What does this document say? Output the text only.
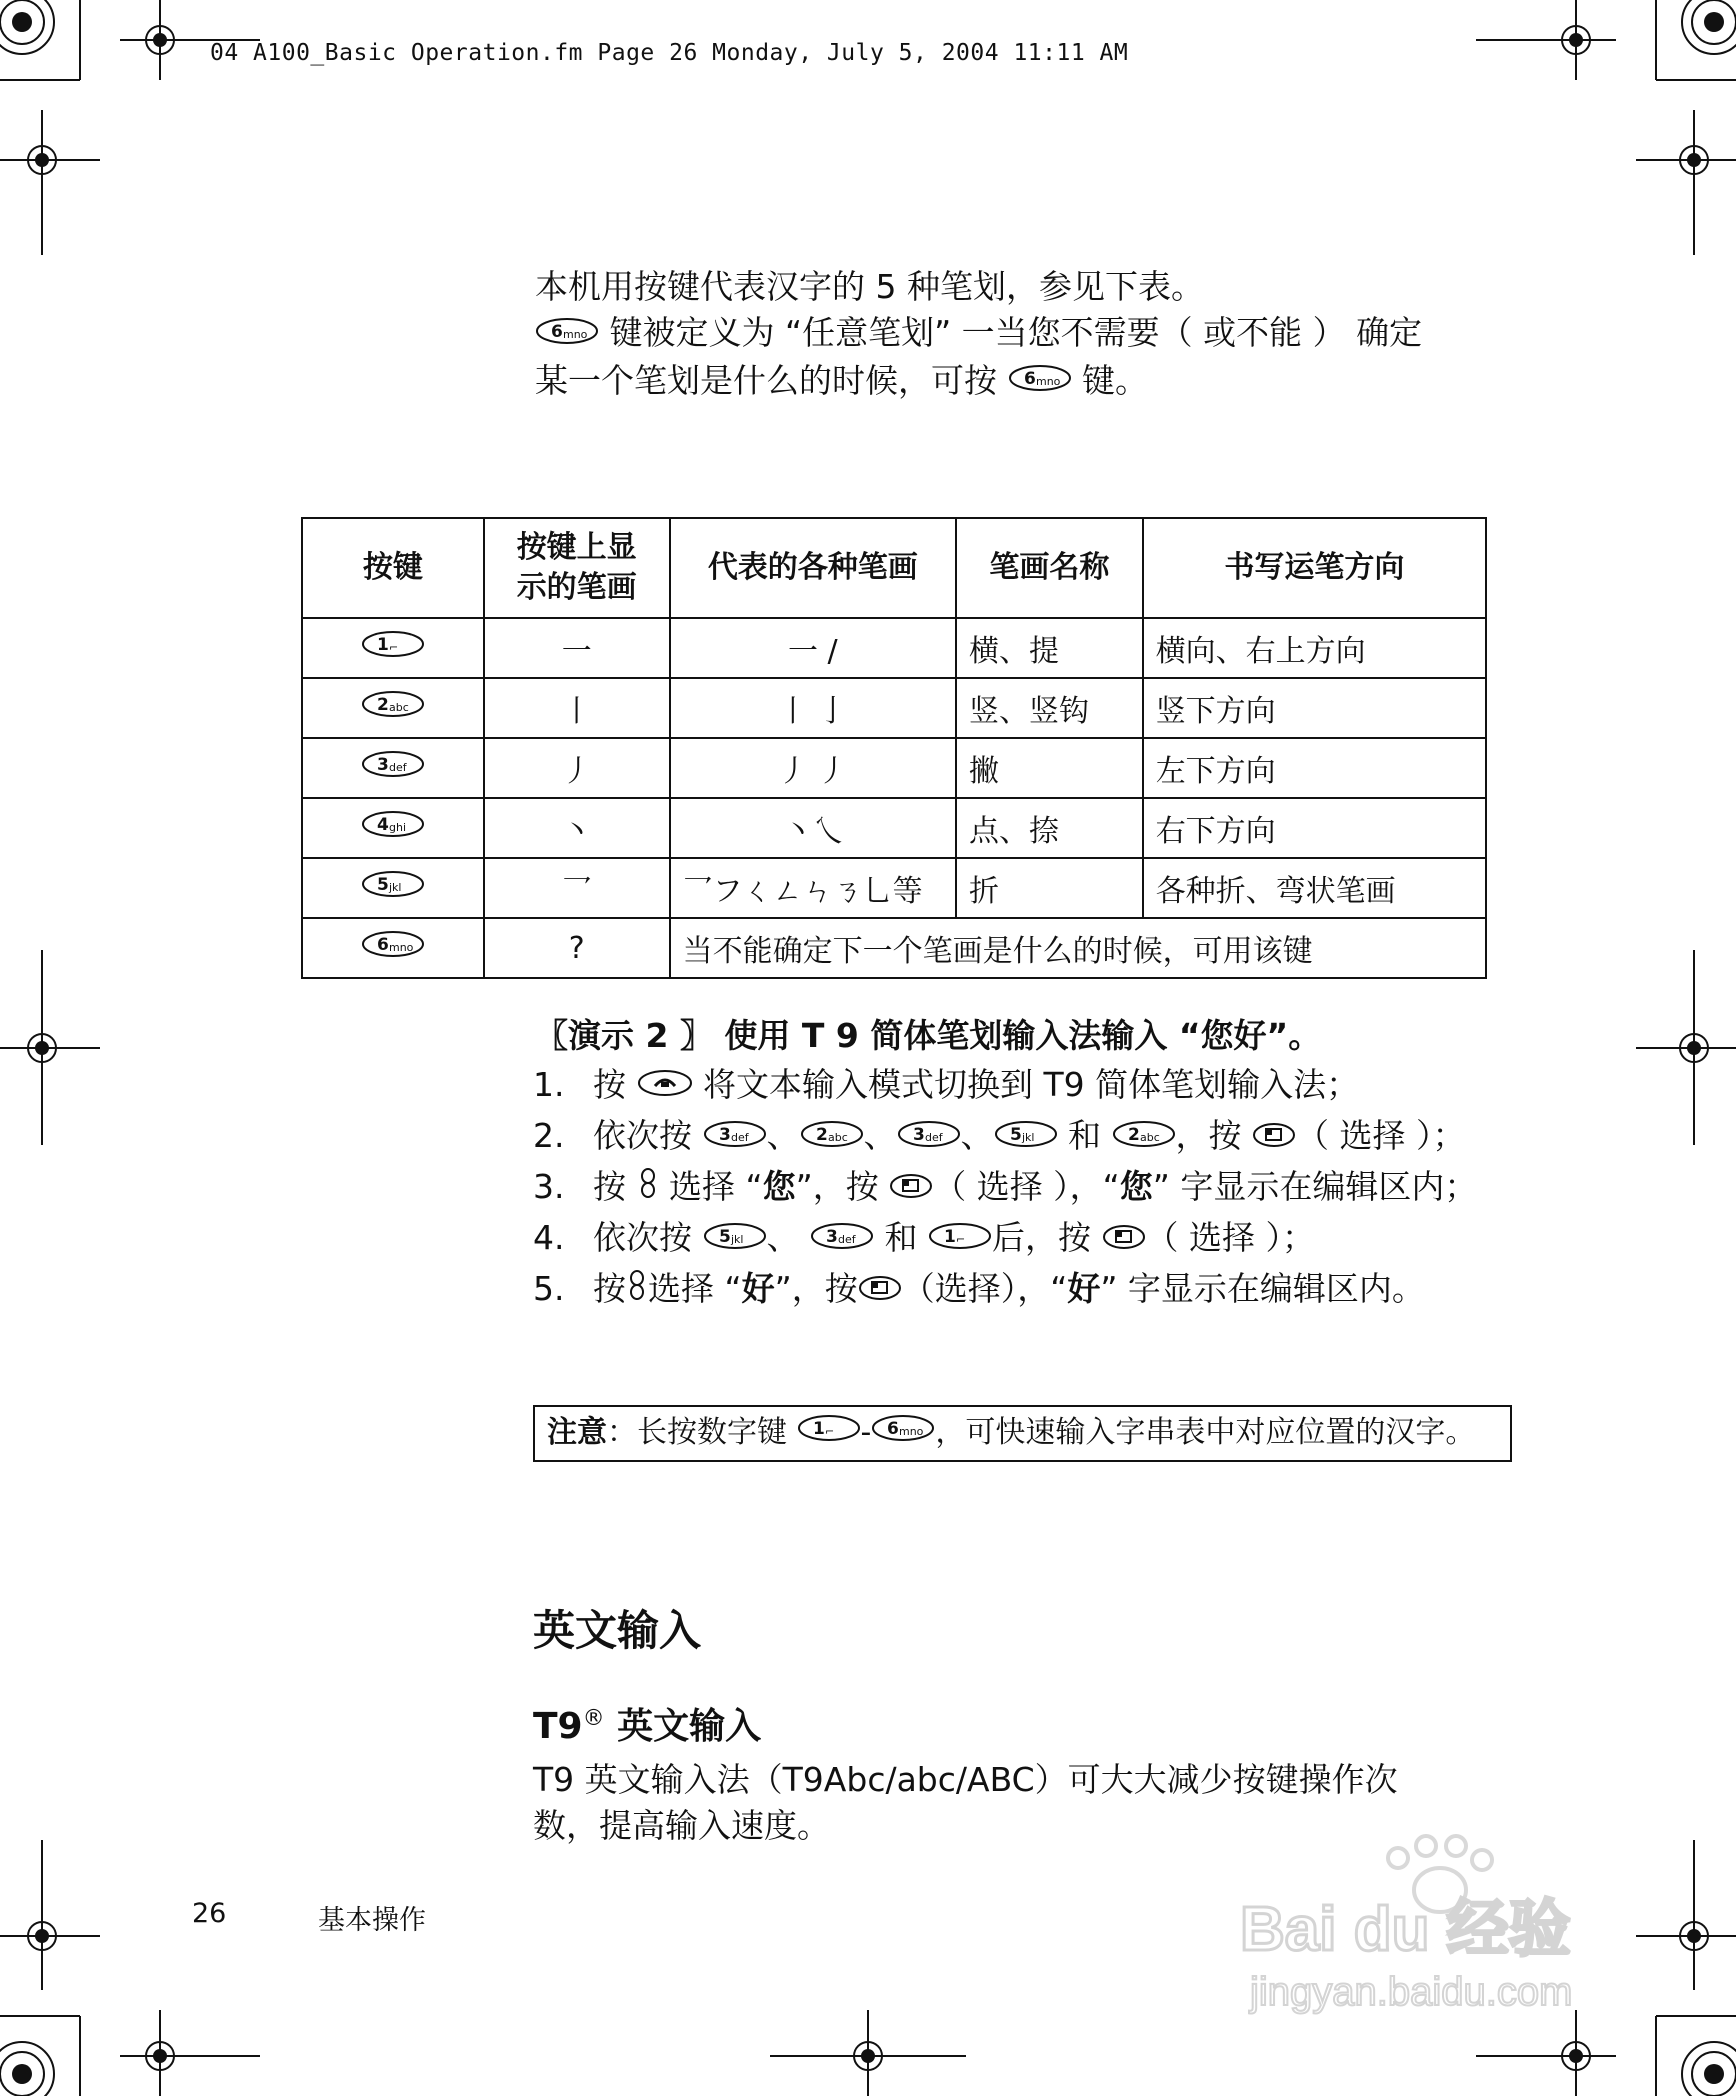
04 A100_Basic Operation.fm Page 26 Monday, July 5, 2004 11:11 AM
本机用按键代表汉字的 5 种笔划，参见下表。
6 mno 键被定义为 “任意笔划” 一当您不需要（ 或不能 ） 确定
某一个笔划是什么的时候，可按 6 mno 键。
按键	按键上显示的笔画	代表的各种笔画	笔画名称	书写运笔方向

1 ⌐	一	一 /	横、提	横向、右上方向

2 abc	丨	丨 亅	竖、竖钩	竖下方向

3 def	丿	丿 丿	撇	左下方向

4 ghi	丶	丶乀	点、捺	右下方向

5 jkl	乛	乛フㄑㄥㄣㄋ乚等	折	各种折、弯状笔画

6 mno	?	当不能确定下一个笔画是什么的时候，可用该键		
〖演示 2 〗 使用 T 9 简体笔划输入法输入 “您好”。
1. 按 将文本输入模式切换到 T9 简体笔划输入法；
2. 依次按 3 def 、 2 abc 、 3 def 、 5 jkl 和 2 abc ，按 （ 选择 ）；
3. 按 选择 “您”，按 （ 选择 ），“您” 字显示在编辑区内；
4. 依次按 5 jkl 、 3 def 和 1 ⌐ 后，按 （ 选择 ）；
5. 按 选择 “好”，按 （选择），“好” 字显示在编辑区内。
注意：长按数字键 1 ⌐ - 6 mno ，可快速输入字串表中对应位置的汉字。
英文输入
T9® 英文输入
T9 英文输入法（T9Abc/abc/ABC）可大大减少按键操作次数，提高输入速度。
26	基本操作	Bai du 经验
jingyan.baidu.com
